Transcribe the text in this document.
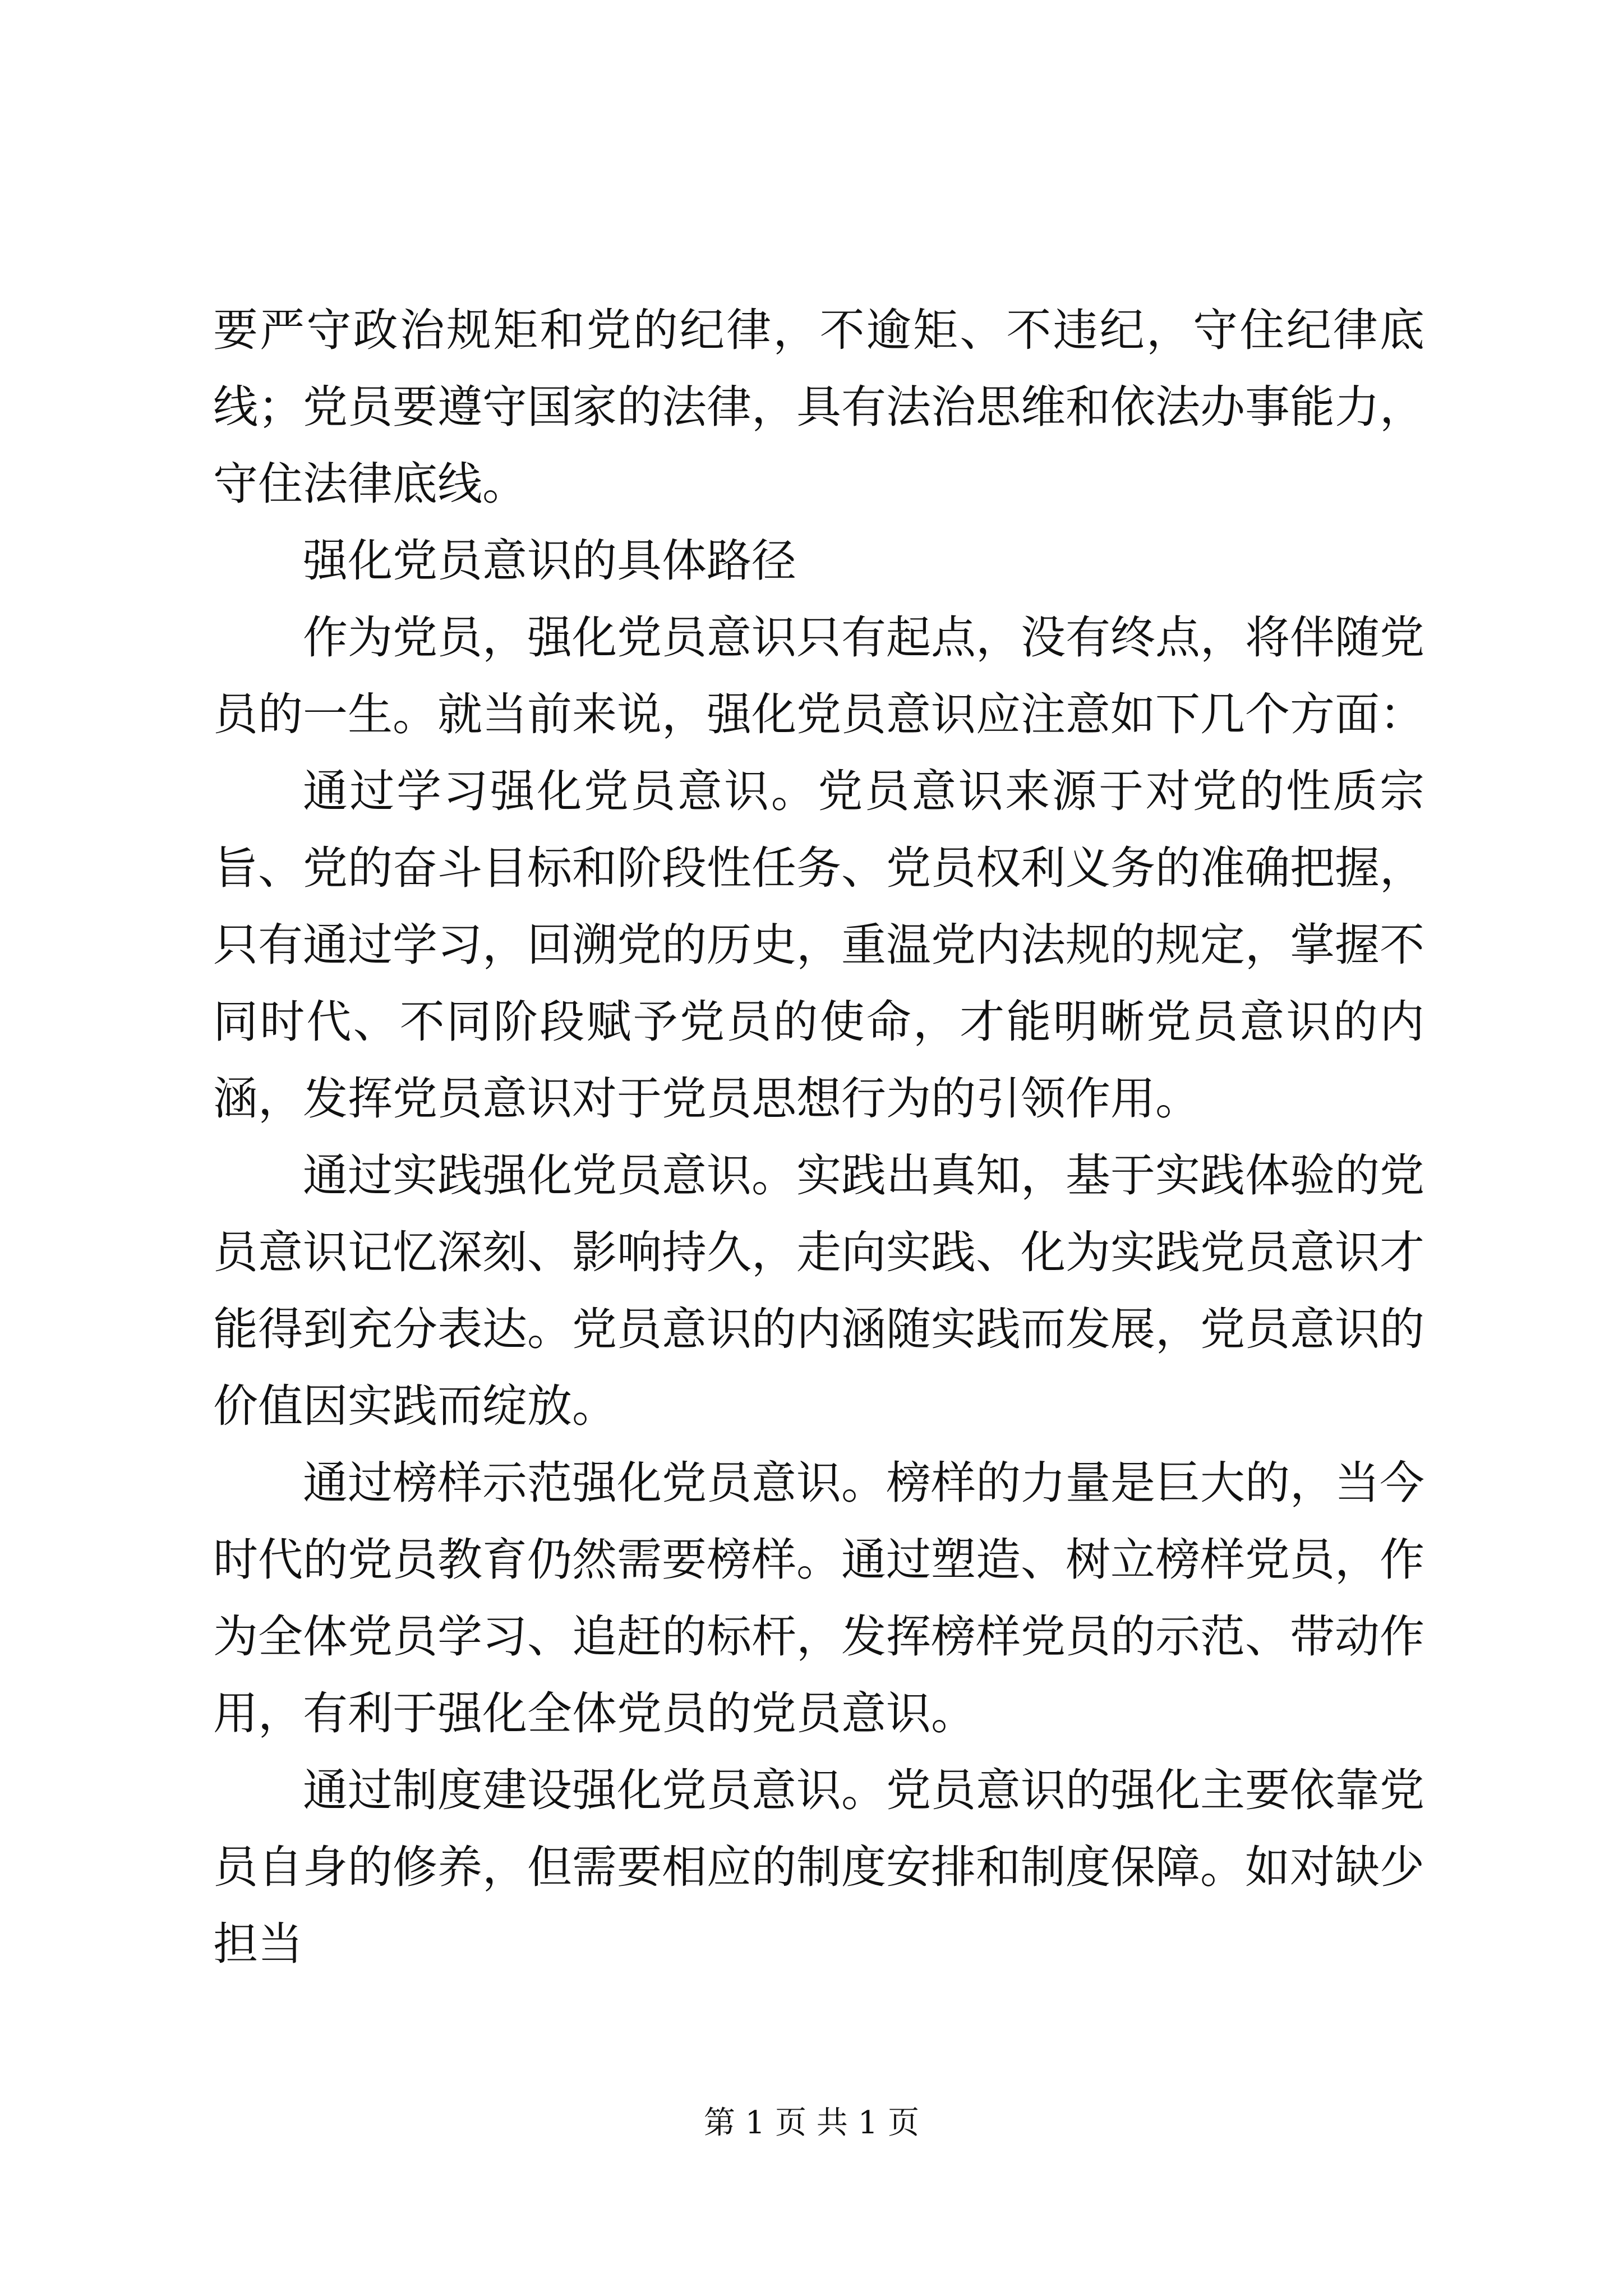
要严守政治规矩和党的纪律，不逾矩、不违纪，守住纪律底线；党员要遵守国家的法律，具有法治思维和依法办事能力，守住法律底线。

强化党员意识的具体路径

作为党员，强化党员意识只有起点，没有终点，将伴随党员的一生。就当前来说，强化党员意识应注意如下几个方面：

通过学习强化党员意识。党员意识来源于对党的性质宗旨、党的奋斗目标和阶段性任务、党员权利义务的准确把握，只有通过学习，回溯党的历史，重温党内法规的规定，掌握不同时代、不同阶段赋予党员的使命，才能明晰党员意识的内涵，发挥党员意识对于党员思想行为的引领作用。

通过实践强化党员意识。实践出真知，基于实践体验的党员意识记忆深刻、影响持久，走向实践、化为实践党员意识才能得到充分表达。党员意识的内涵随实践而发展，党员意识的价值因实践而绽放。

通过榜样示范强化党员意识。榜样的力量是巨大的，当今时代的党员教育仍然需要榜样。通过塑造、树立榜样党员，作为全体党员学习、追赶的标杆，发挥榜样党员的示范、带动作用，有利于强化全体党员的党员意识。

通过制度建设强化党员意识。党员意识的强化主要依靠党员自身的修养，但需要相应的制度安排和制度保障。如对缺少担当

第 1 页 共 1 页
